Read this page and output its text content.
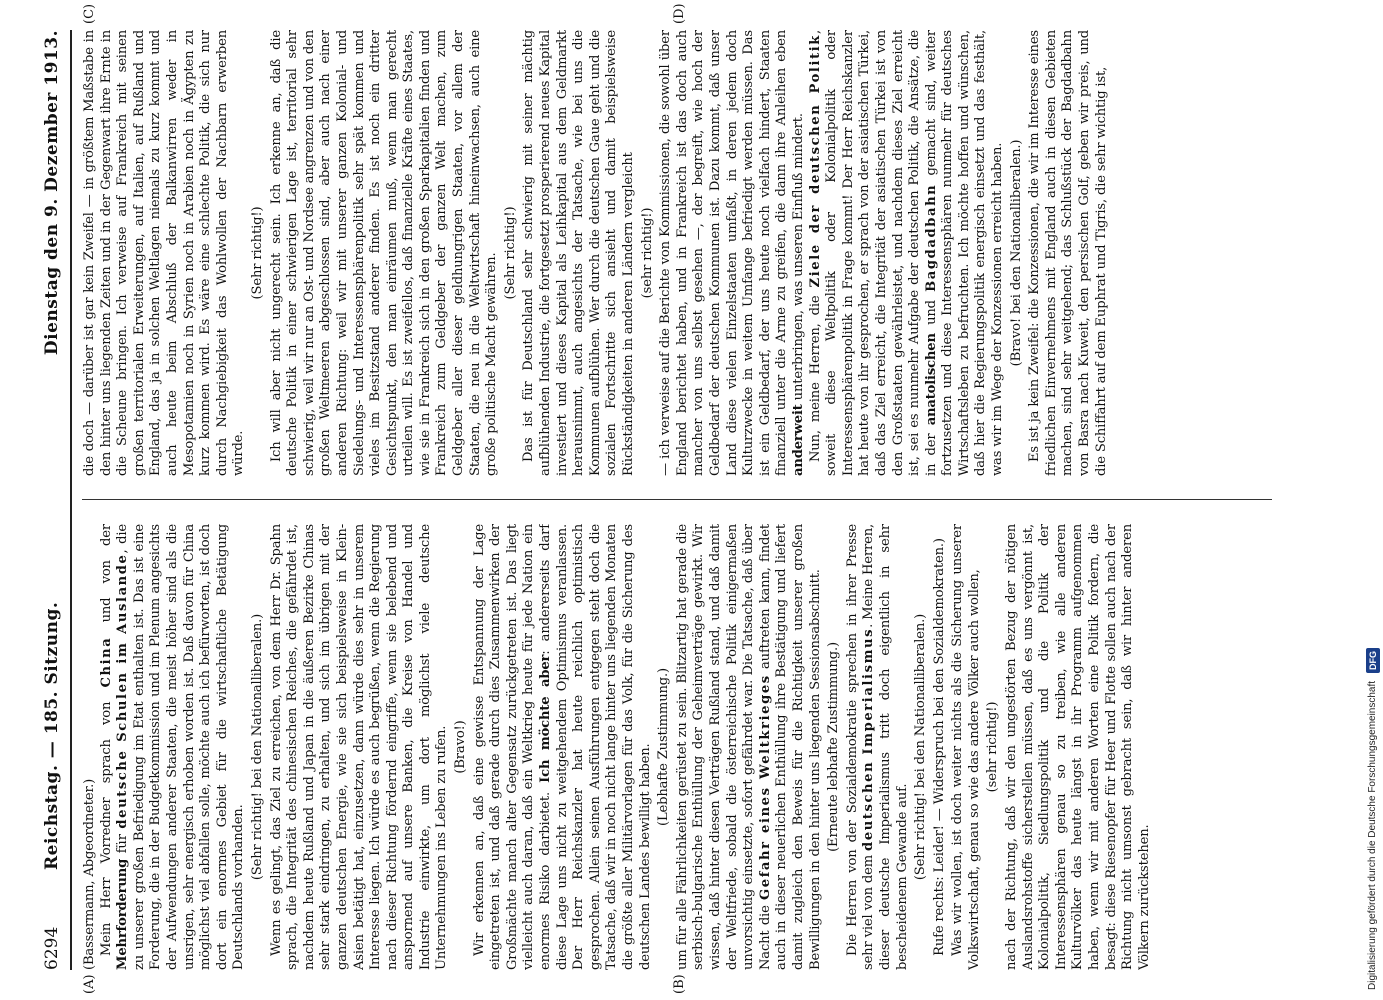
6294
Reichstag. — 185. Sitzung.
Dienstag den 9. Dezember 1913.
(A)	(B)
(C)	(D)

(Bassermann, Abgeordneter.) Mein Herr Vorredner sprach von China und von der Mehrforderung für deutsche Schulen im Auslande, die zu unserer großen Befriedigung im Etat enthalten ist. Das ist eine Forderung, die in der Budgetkommission und im Plenum angesichts der Aufwendungen anderer Staaten, die meist höher sind als die unsrigen, sehr energisch erhoben worden ist. Daß davon für China möglichst viel abfallen solle, möchte auch ich befürworten, ist doch dort ein enormes Gebiet für die wirtschaftliche Betätigung Deutschlands vorhanden.

(Sehr richtig! bei den Nationalliberalen.) Wenn es gelingt, das Ziel zu erreichen, von dem Herr Dr. Spahn sprach, die Integrität des chinesischen Reiches, die gefährdet ist, nachdem heute Rußland und Japan in die äußeren Bezirke Chinas sehr stark eindringen, zu erhalten, und sich im übrigen mit der ganzen deutschen Energie, wie sie sich beispielsweise in Klein-Asien betätigt hat, einzusetzen, dann würde dies sehr in unserem Interesse liegen. Ich würde es auch begrüßen, wenn die Regierung nach dieser Richtung fördernd eingriffe, wenn sie belebend und anspornend auf unsere Banken, die Kreise von Handel und Industrie einwirkte, um dort möglichst viele deutsche Unternehmungen ins Leben zu rufen. (Bravo!) Wir erkennen an, daß eine gewisse Entspannung der Lage eingetreten ist, und daß gerade durch dies Zusammenwirken der Großmächte manch alter Gegensatz zurückgetreten ist. Das liegt vielleicht auch daran, daß ein Weltkrieg heute für jede Nation ein enormes Risiko darbietet. Ich möchte aber: andererseits darf diese Lage uns nicht zu weitgehendem Optimismus veranlassen. Der Herr Reichskanzler hat heute reichlich optimistisch gesprochen. Allein seinen Ausführungen entgegen steht doch die Tatsache, daß wir in noch nicht lange hinter uns liegenden Monaten die größte aller Militärvorlagen für das Volk, für die Sicherung des deutschen Landes bewilligt haben. (Lebhafte Zustimmung.) um für alle Fährlichkeiten gerüstet zu sein. Blitzartig hat gerade die serbisch-bulgarische Enthüllung der Geheimverträge gewirkt. Wir wissen, daß hinter diesen Verträgen Rußland stand, und daß damit der Weltfriede, sobald die österreichische Politik einigermaßen unvorsichtig einsetzte, sofort gefährdet war. Die Tatsache, daß über Nacht die Gefahr eines Weltkrieges auftreten kann, findet auch in dieser neuerlichen Enthüllung ihre Bestätigung und liefert damit zugleich den Beweis für die Richtigkeit unserer großen Bewilligungen in den hinter uns liegenden Sessionsabschnitt. (Erneute lebhafte Zustimmung.) Die Herren von der Sozialdemokratie sprechen in ihrer Presse sehr viel von dem deutschen Imperialismus. Meine Herren, dieser deutsche Imperialismus tritt doch eigentlich in sehr bescheidenem Gewande auf. (Sehr richtig! bei den Nationalliberalen.) Rufe rechts: Leider! — Widerspruch bei den Sozialdemokraten.) Was wir wollen, ist doch weiter nichts als die Sicherung unserer Volkswirtschaft, genau so wie das andere Völker auch wollen, (sehr richtig!) nach der Richtung, daß wir den ungestörten Bezug der nötigen Auslandsrohstoffe sicherstellen müssen, daß es uns vergönnt ist, Kolonialpolitik, Siedlungspolitik und die Politik der Interessensphären genau so zu treiben, wie alle anderen Kulturvölker das heute längst in ihr Programm aufgenommen haben, wenn wir mit anderen Worten eine Politik fordern, die besagt: diese Riesenopfer für Heer und Flotte sollen auch nach der Richtung nicht umsonst gebracht sein, daß wir hinter anderen Völkern zurückstehen.

die doch — darüber ist gar kein Zweifel — in größtem Maßstabe in den hinter uns liegenden Zeiten und in der Gegenwart ihre Ernte in die Scheune bringen. Ich verweise auf Frankreich mit seinen großen territorialen Erweiterungen, auf Italien, auf Rußland und England, das ja in solchen Weltlagen niemals zu kurz kommt und auch heute beim Abschluß der Balkanwirren weder in Mesopotamien noch in Syrien noch in Arabien noch in Ägypten zu kurz kommen wird. Es wäre eine schlechte Politik, die sich nur durch Nachgiebigkeit das Wohlwollen der Nachbarn erwerben würde.

(Sehr richtig!) Ich will aber nicht ungerecht sein. Ich erkenne an, daß die deutsche Politik in einer schwierigen Lage ist, territorial sehr schwierig, weil wir nur an Ost- und Nordsee angrenzen und von den großen Weltmeeren abgeschlossen sind, aber auch nach einer anderen Richtung: weil wir mit unserer ganzen Kolonial- und Siedelungs- und Interessensphärenpolitik sehr spät kommen und vieles im Besitzstand anderer finden. Es ist noch ein dritter Gesichtspunkt, den man einräumen muß, wenn man gerecht urteilen will. Es ist zweifellos, daß finanzielle Kräfte eines Staates, wie sie in Frankreich sich in den großen Sparkapitalien finden und Frankreich zum Geldgeber der ganzen Welt machen, zum Geldgeber aller dieser geldhungrigen Staaten, vor allem der Staaten, die neu in die Weltwirtschaft hineinwachsen, auch eine große politische Macht gewähren. (Sehr richtig!) Das ist für Deutschland sehr schwierig mit seiner mächtig aufblühenden Industrie, die fortgesetzt prosperierend neues Kapital investiert und dieses Kapital als Leihkapital aus dem Geldmarkt herausnimmt, auch angesichts der Tatsache, wie bei uns die Kommunen aufblühen. Wer durch die deutschen Gaue geht und die sozialen Fortschritte sich ansieht und damit beispielsweise Rückständigkeiten in anderen Ländern vergleicht (sehr richtig!) — ich verweise auf die Berichte von Kommissionen, die sowohl über England berichtet haben, und in Frankreich ist das doch auch mancher von uns selbst gesehen —, der begreift, wie hoch der Geldbedarf der deutschen Kommunen ist. Dazu kommt, daß unser Land diese vielen Einzelstaaten umfaßt, in deren jedem doch Kulturzwecke in weitem Umfange befriedigt werden müssen. Das ist ein Geldbedarf, der uns heute noch vielfach hindert, Staaten finanziell unter die Arme zu greifen, die dann ihre Anleihen eben anderweit unterbringen, was unseren Einfluß mindert. Nun, meine Herren, die Ziele der deutschen Politik, soweit diese Weltpolitik oder Kolonialpolitik oder Interessensphärenpolitik in Frage kommt! Der Herr Reichskanzler hat heute von ihr gesprochen, er sprach von der asiatischen Türkei, daß das Ziel erreicht, die Integrität der asiatischen Türkei ist von den Großstaaten gewährleistet, und nachdem dieses Ziel erreicht ist, sei es nunmehr Aufgabe der deutschen Politik, die Ansätze, die in der anatolischen und Bagdadbahn gemacht sind, weiter fortzusetzen und diese Interessensphären nunmehr für deutsches Wirtschaftsleben zu befruchten. Ich möchte hoffen und wünschen, daß hier die Regierungspolitik energisch einsetzt und das festhält, was wir im Wege der Konzessionen erreicht haben. (Bravo! bei den Nationalliberalen.) Es ist ja kein Zweifel: die Konzessionen, die wir im Interesse eines friedlichen Einvernehmens mit England auch in diesen Gebieten machen, sind sehr weitgehend; das Schlußstück der Bagdadbahn von Basra nach Kuweit, den persischen Golf, geben wir preis, und die Schiffahrt auf dem Euphrat und Tigris, die sehr wichtig ist,

Digitalisierung gefördert durch die Deutsche Forschungsgemeinschaft
DFG
